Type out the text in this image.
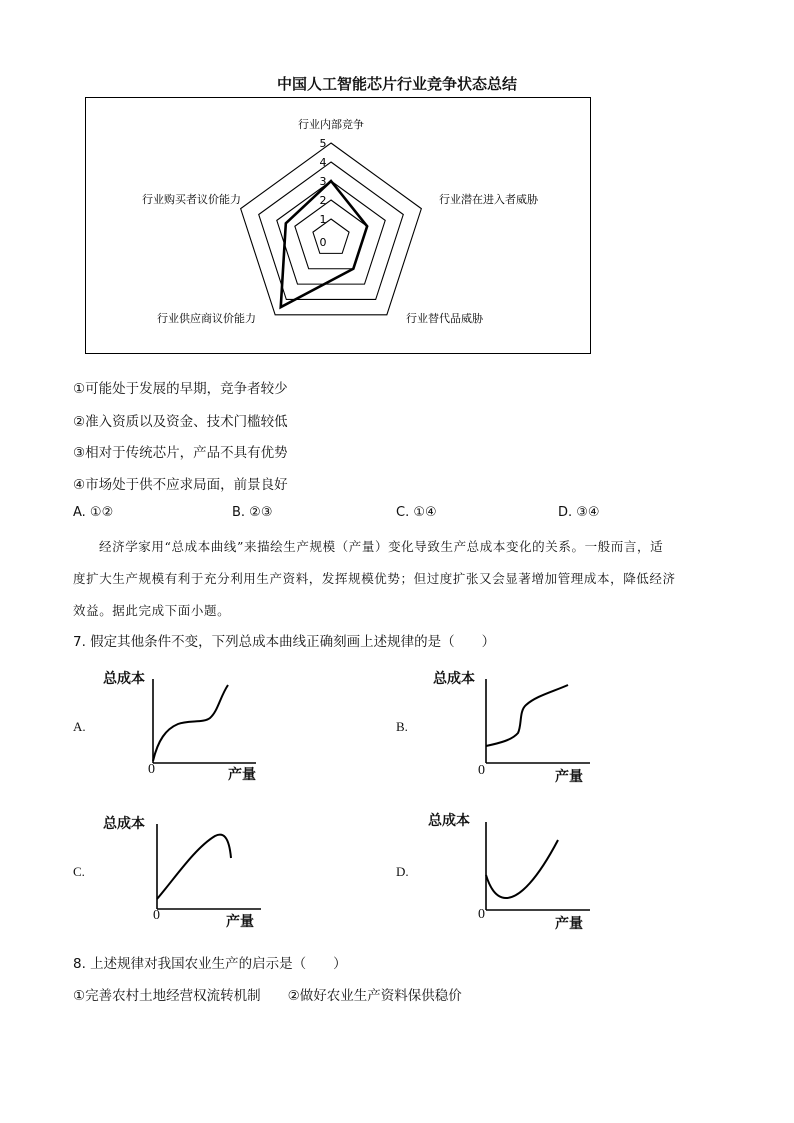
中国人工智能芯片行业竞争状态总结
0
1
2
3
4
5
行业内部竞争
行业潜在进入者威胁
行业替代品威胁
行业供应商议价能力
行业购买者议价能力
①可能处于发展的早期，竞争者较少
②准入资质以及资金、技术门槛较低
③相对于传统芯片，产品不具有优势
④市场处于供不应求局面，前景良好
A. ①②	B. ②③	C. ①④	D. ③④
经济学家用“总成本曲线”来描绘生产规模（产量）变化导致生产总成本变化的关系。一般而言，适
度扩大生产规模有利于充分利用生产资料，发挥规模优势；但过度扩张又会显著增加管理成本，降低经济
效益。据此完成下面小题。
7. 假定其他条件不变，下列总成本曲线正确刻画上述规律的是（　　）
A.
总成本
产量
0
B.
总成本
产量
0
C.
总成本
产量
0
D.
总成本
产量
0
8. 上述规律对我国农业生产的启示是（　　）
①完善农村土地经营权流转机制　　②做好农业生产资料保供稳价
